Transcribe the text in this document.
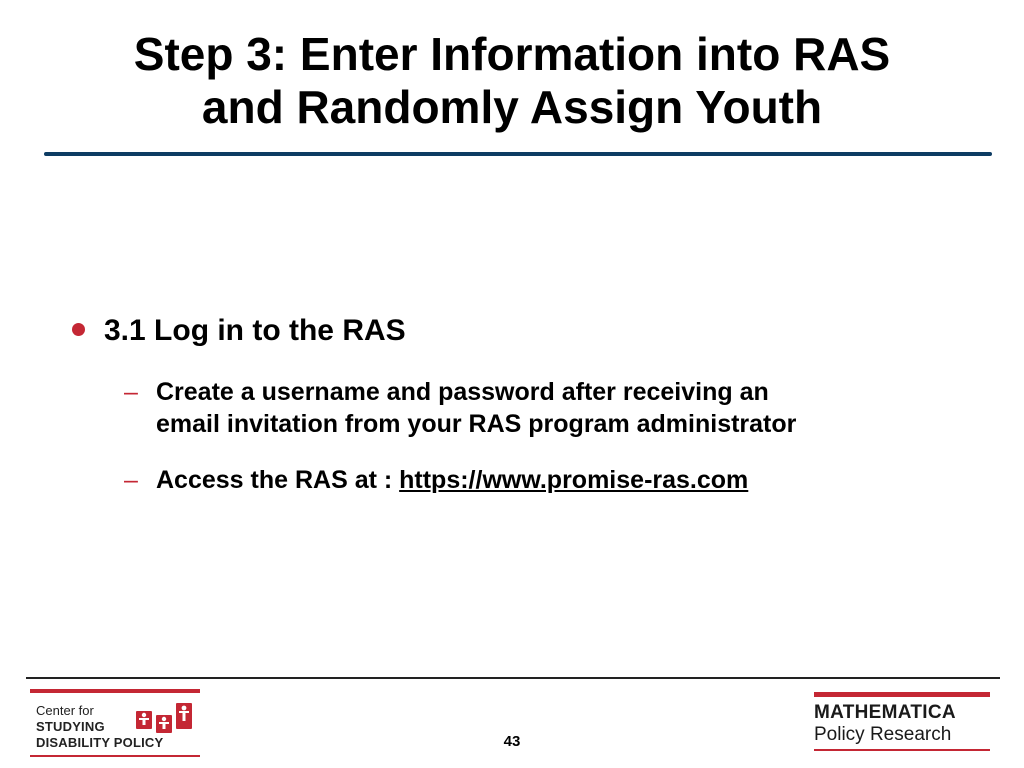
Step 3: Enter Information into RAS
and Randomly Assign Youth
3.1 Log in to the RAS
– Create a username and password after receiving an
email invitation from your RAS program administrator
– Access the RAS at : https://www.promise-ras.com
Center for
STUDYING
DISABILITY POLICY	43
MATHEMATICA
Policy Research
